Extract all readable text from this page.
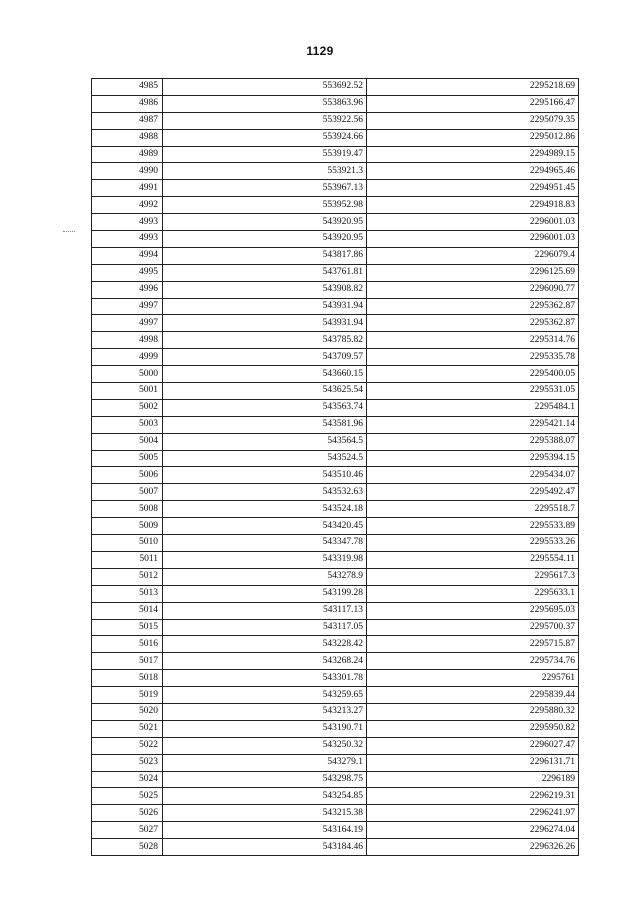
1129
4985	553692.52	2295218.69
4986	553863.96	2295166.47
4987	553922.56	2295079.35
4988	553924.66	2295012.86
4989	553919.47	2294989.15
4990	553921.3	2294965.46
4991	553967.13	2294951.45
4992	553952.98	2294918.83
4993	543920.95	2296001.03
4993	543920.95	2296001.03
4994	543817.86	2296079.4
4995	543761.81	2296125.69
4996	543908.82	2296090.77
4997	543931.94	2295362.87
4997	543931.94	2295362.87
4998	543785.82	2295314.76
4999	543709.57	2295335.78
5000	543660.15	2295400.05
5001	543625.54	2295531.05
5002	543563.74	2295484.1
5003	543581.96	2295421.14
5004	543564.5	2295388.07
5005	543524.5	2295394.15
5006	543510.46	2295434.07
5007	543532.63	2295492.47
5008	543524.18	2295518.7
5009	543420.45	2295533.89
5010	543347.78	2295533.26
5011	543319.98	2295554.11
5012	543278.9	2295617.3
5013	543199.28	2295633.1
5014	543117.13	2295695.03
5015	543117.05	2295700.37
5016	543228.42	2295715.87
5017	543268.24	2295734.76
5018	543301.78	2295761
5019	543259.65	2295839.44
5020	543213.27	2295880.32
5021	543190.71	2295950.82
5022	543250.32	2296027.47
5023	543279.1	2296131.71
5024	543298.75	2296189
5025	543254.85	2296219.31
5026	543215.38	2296241.97
5027	543164.19	2296274.04
5028	543184.46	2296326.26
